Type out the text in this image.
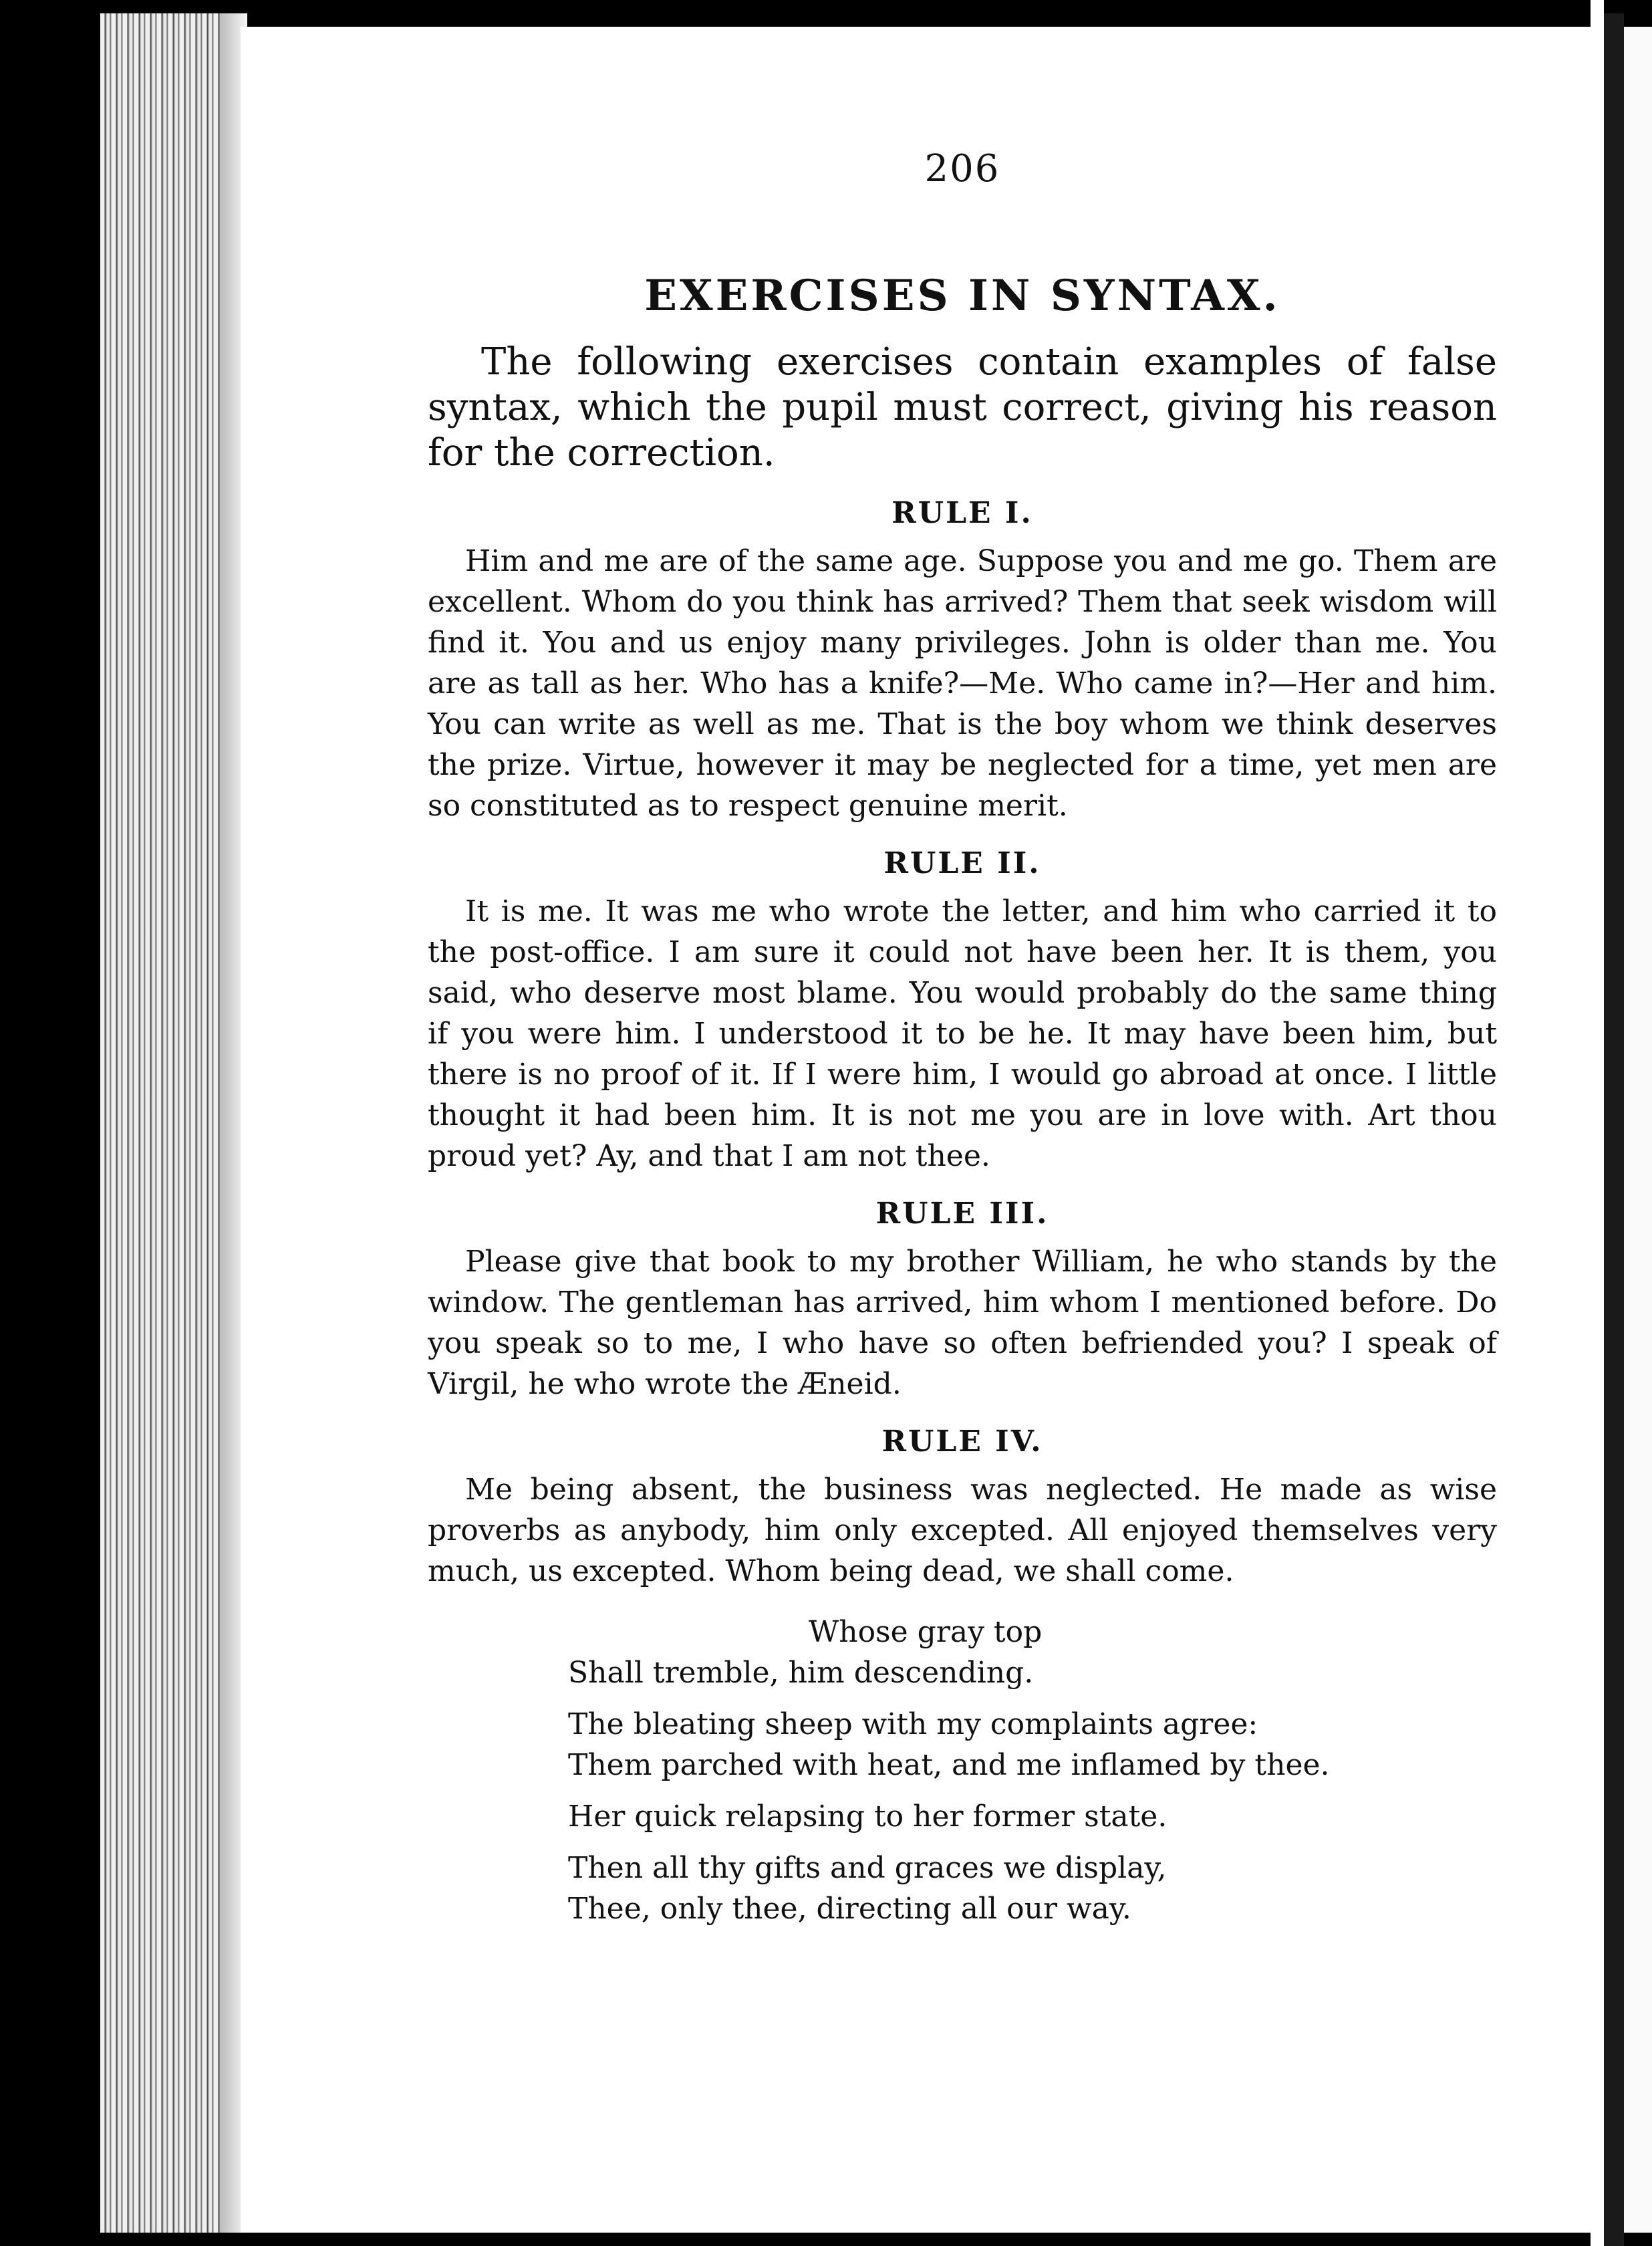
206
EXERCISES IN SYNTAX.

The following exercises contain examples of false syntax, which the pupil must correct, giving his reason for the correction.

RULE I.

Him and me are of the same age. Suppose you and me go. Them are excellent. Whom do you think has arrived? Them that seek wisdom will find it. You and us enjoy many privileges. John is older than me. You are as tall as her. Who has a knife?—Me. Who came in?—Her and him. You can write as well as me. That is the boy whom we think deserves the prize. Virtue, however it may be neglected for a time, yet men are so constituted as to respect genuine merit.

RULE II.

It is me. It was me who wrote the letter, and him who carried it to the post-office. I am sure it could not have been her. It is them, you said, who deserve most blame. You would probably do the same thing if you were him. I understood it to be he. It may have been him, but there is no proof of it. If I were him, I would go abroad at once. I little thought it had been him. It is not me you are in love with. Art thou proud yet? Ay, and that I am not thee.

RULE III.

Please give that book to my brother William, he who stands by the window. The gentleman has arrived, him whom I mentioned before. Do you speak so to me, I who have so often befriended you? I speak of Virgil, he who wrote the Æneid.

RULE IV.

Me being absent, the business was neglected. He made as wise proverbs as anybody, him only excepted. All enjoyed themselves very much, us excepted. Whom being dead, we shall come.

Whose gray top
Shall tremble, him descending.
The bleating sheep with my complaints agree:
Them parched with heat, and me inflamed by thee.
Her quick relapsing to her former state.
Then all thy gifts and graces we display,
Thee, only thee, directing all our way.
